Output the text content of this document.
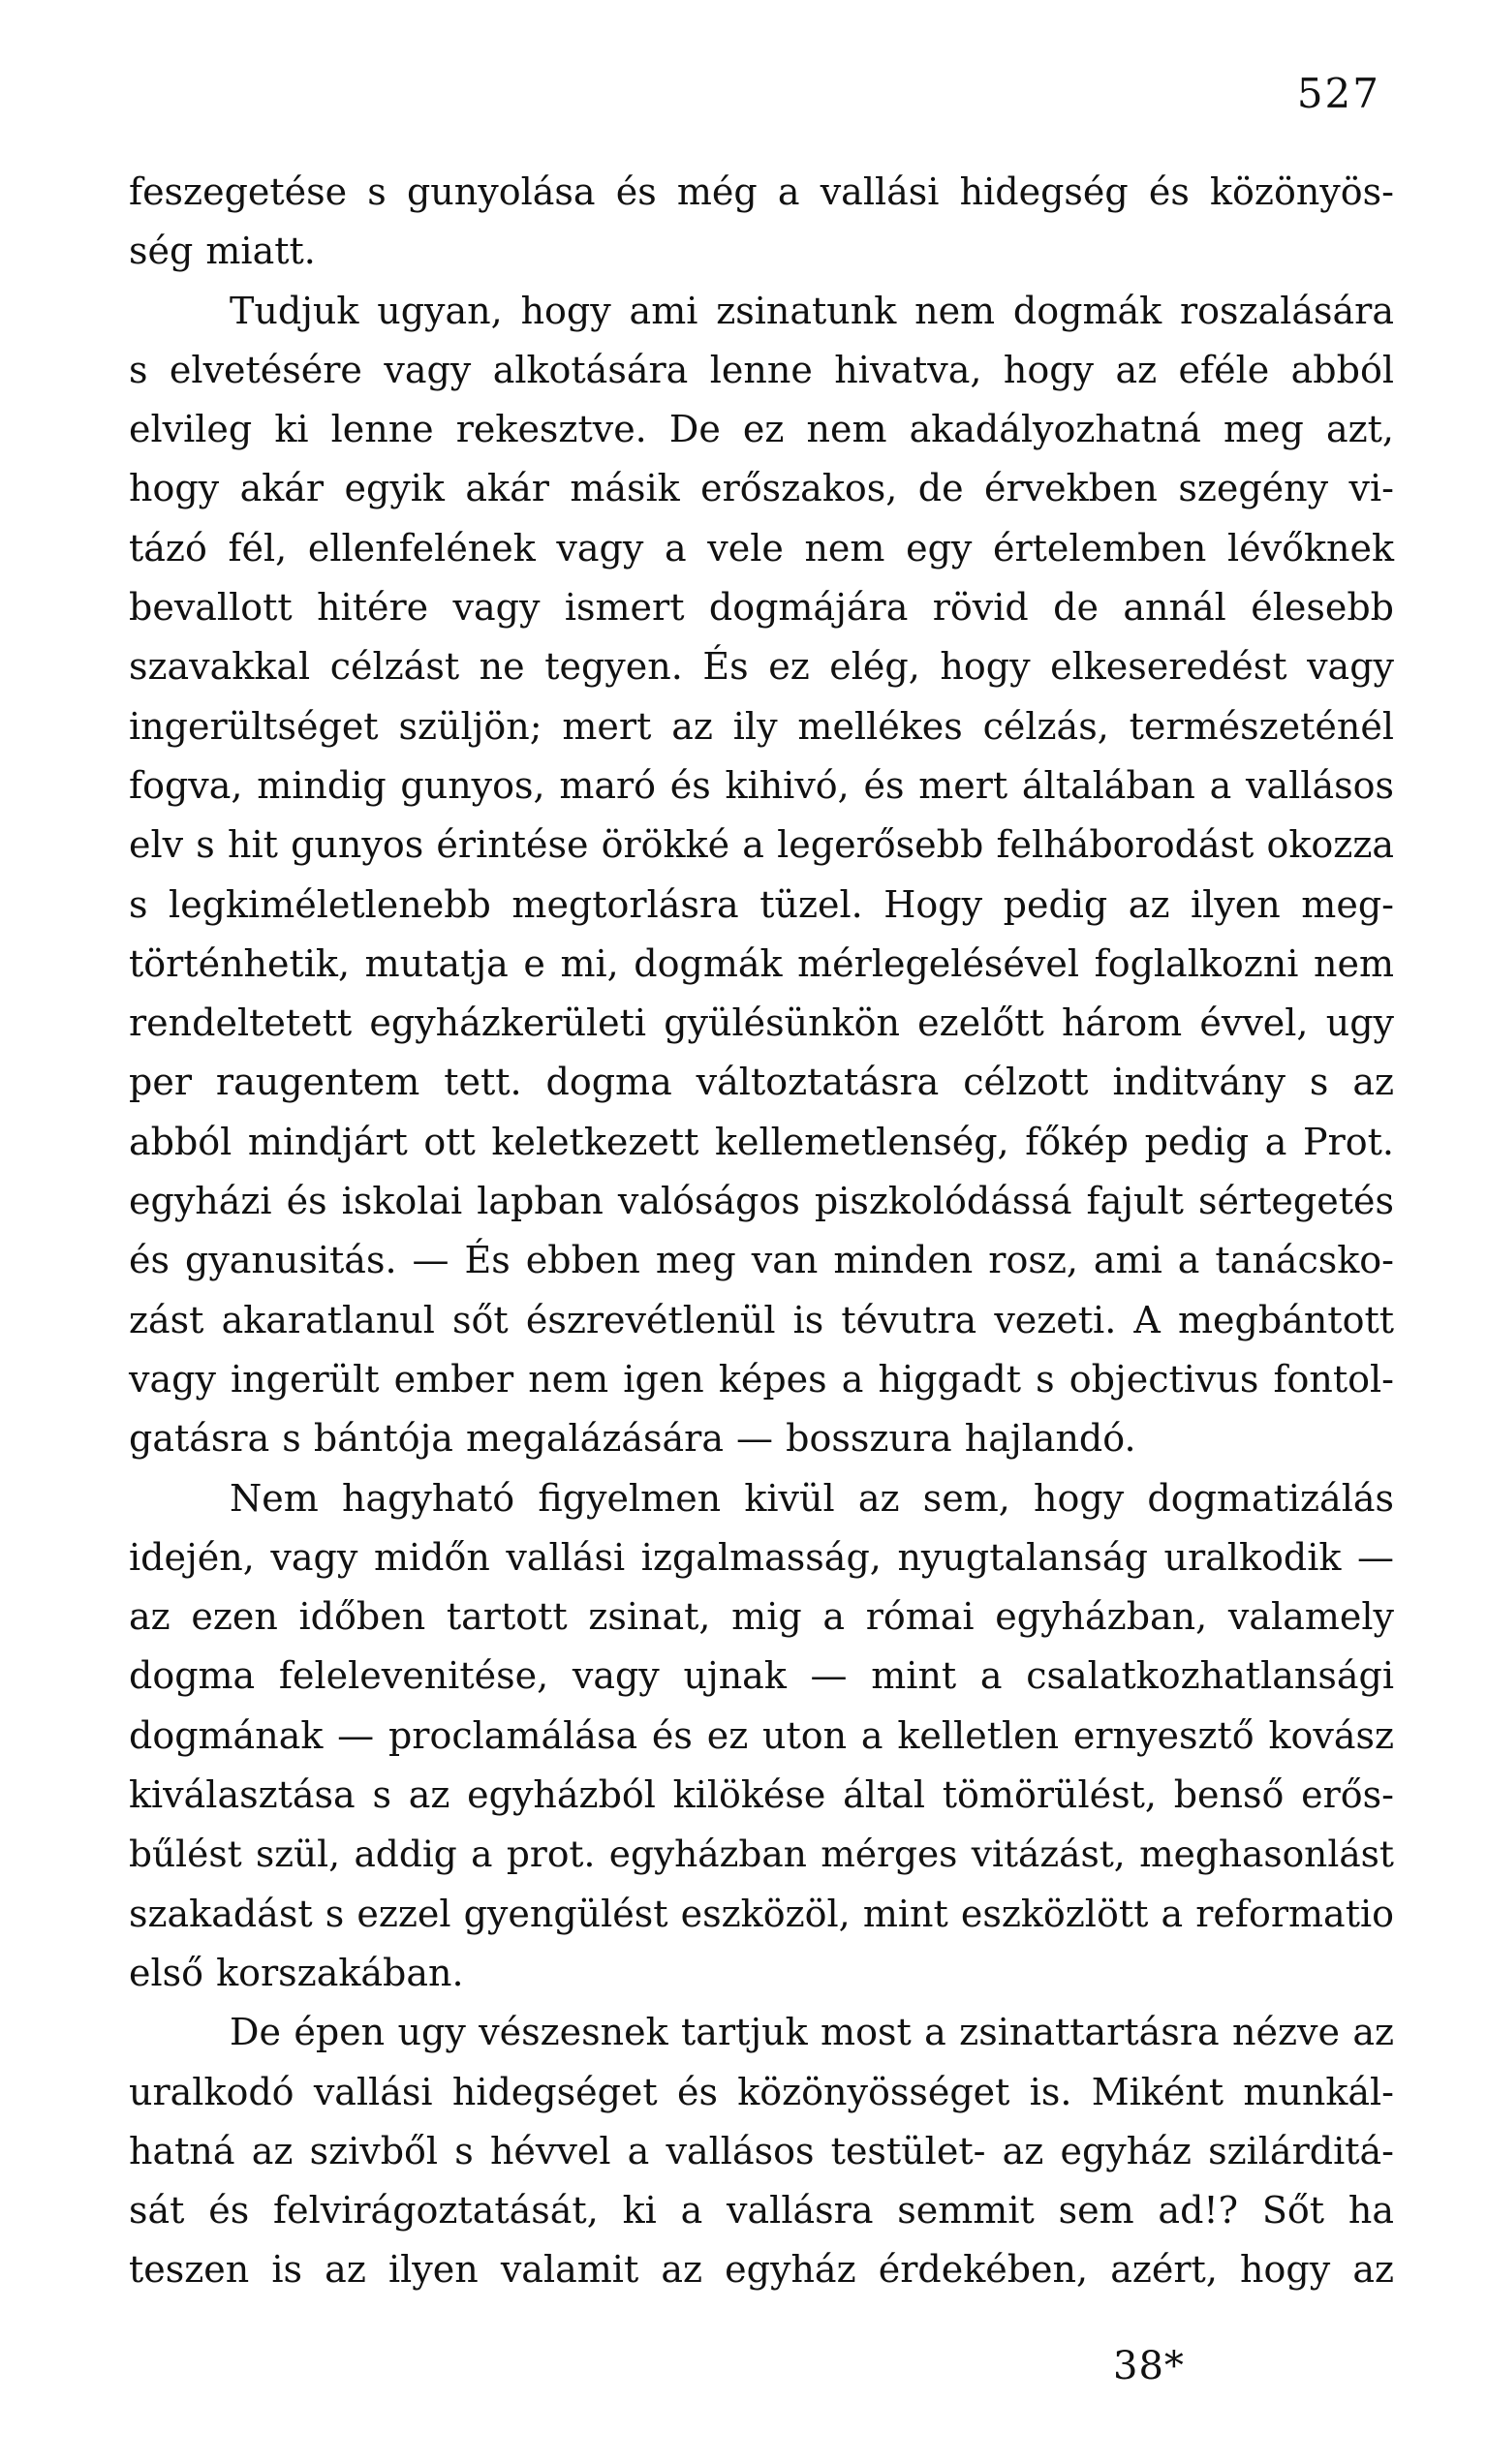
527
feszegetése s gunyolása és még a vallási hidegség és közönyös-
ség miatt.
Tudjuk ugyan, hogy ami zsinatunk nem dogmák roszalására
s elvetésére vagy alkotására lenne hivatva, hogy az eféle abból
elvileg ki lenne rekesztve. De ez nem akadályozhatná meg azt,
hogy akár egyik akár másik erőszakos, de érvekben szegény vi-
tázó fél, ellenfelének vagy a vele nem egy értelemben lévőknek
bevallott hitére vagy ismert dogmájára rövid de annál élesebb
szavakkal célzást ne tegyen. És ez elég, hogy elkeseredést vagy
ingerültséget szüljön; mert az ily mellékes célzás, természeténél
fogva, mindig gunyos, maró és kihivó, és mert általában a vallásos
elv s hit gunyos érintése örökké a legerősebb felháborodást okozza
s legkiméletlenebb megtorlásra tüzel. Hogy pedig az ilyen meg-
történhetik, mutatja e mi, dogmák mérlegelésével foglalkozni nem
rendeltetett egyházkerületi gyülésünkön ezelőtt három évvel, ugy
per raugentem tett. dogma változtatásra célzott inditvány s az
abból mindjárt ott keletkezett kellemetlenség, főkép pedig a Prot.
egyházi és iskolai lapban valóságos piszkolódássá fajult sértegetés
és gyanusitás. — És ebben meg van minden rosz, ami a tanácsko-
zást akaratlanul sőt észrevétlenül is tévutra vezeti. A megbántott
vagy ingerült ember nem igen képes a higgadt s objectivus fontol-
gatásra s bántója megalázására — bosszura hajlandó.
Nem hagyható figyelmen kivül az sem, hogy dogmatizálás
idején, vagy midőn vallási izgalmasság, nyugtalanság uralkodik —
az ezen időben tartott zsinat, mig a római egyházban, valamely
dogma felelevenitése, vagy ujnak — mint a csalatkozhatlansági
dogmának — proclamálása és ez uton a kelletlen ernyesztő kovász
kiválasztása s az egyházból kilökése által tömörülést, benső erős-
bűlést szül, addig a prot. egyházban mérges vitázást, meghasonlást
szakadást s ezzel gyengülést eszközöl, mint eszközlött a reformatio
első korszakában.
De épen ugy vészesnek tartjuk most a zsinattartásra nézve az
uralkodó vallási hidegséget és közönyösséget is. Miként munkál-
hatná az szivből s hévvel a vallásos testület- az egyház szilárditá-
sát és felvirágoztatását, ki a vallásra semmit sem ad!? Sőt ha
teszen is az ilyen valamit az egyház érdekében, azért, hogy az
38*
